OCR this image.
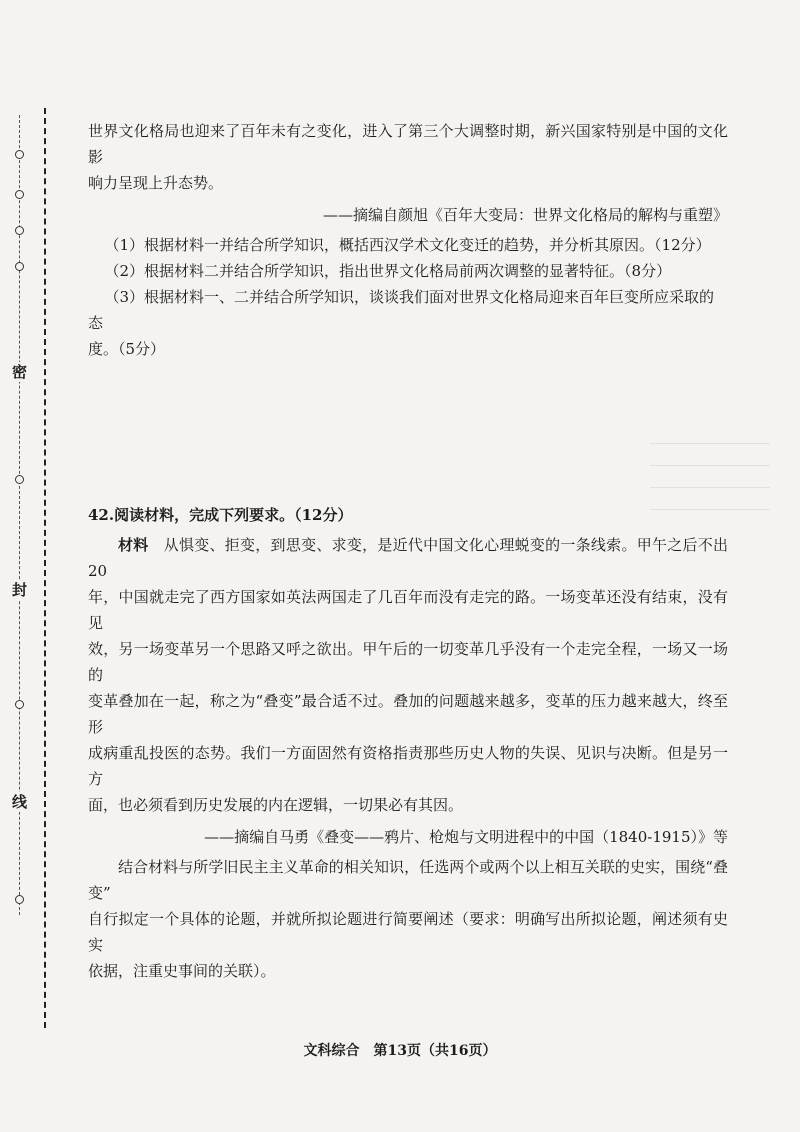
密
封
线

世界文化格局也迎来了百年未有之变化，进入了第三个大调整时期，新兴国家特别是中国的文化影

响力呈现上升态势。

——摘编自颜旭《百年大变局：世界文化格局的解构与重塑》

（1）根据材料一并结合所学知识，概括西汉学术文化变迁的趋势，并分析其原因。（12分）

（2）根据材料二并结合所学知识，指出世界文化格局前两次调整的显著特征。（8分）

（3）根据材料一、二并结合所学知识，谈谈我们面对世界文化格局迎来百年巨变所应采取的态

度。（5分）

42.阅读材料，完成下列要求。（12分）

材料　从惧变、拒变，到思变、求变，是近代中国文化心理蜕变的一条线索。甲午之后不出20

年，中国就走完了西方国家如英法两国走了几百年而没有走完的路。一场变革还没有结束，没有见

效，另一场变革另一个思路又呼之欲出。甲午后的一切变革几乎没有一个走完全程，一场又一场的

变革叠加在一起，称之为“叠变”最合适不过。叠加的问题越来越多，变革的压力越来越大，终至形

成病重乱投医的态势。我们一方面固然有资格指责那些历史人物的失误、见识与决断。但是另一方

面，也必须看到历史发展的内在逻辑，一切果必有其因。

——摘编自马勇《叠变——鸦片、枪炮与文明进程中的中国（1840-1915）》等

结合材料与所学旧民主主义革命的相关知识，任选两个或两个以上相互关联的史实，围绕“叠变”

自行拟定一个具体的论题，并就所拟论题进行简要阐述（要求：明确写出所拟论题，阐述须有史实

依据，注重史事间的关联）。

文科综合　第13页（共16页）
